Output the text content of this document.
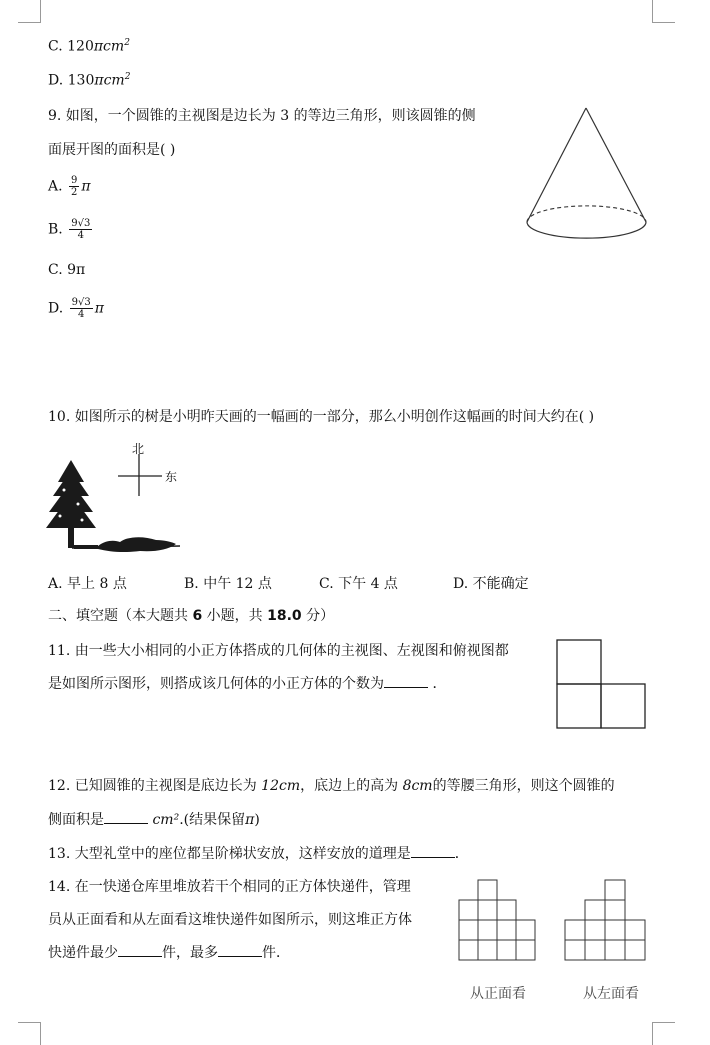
C. 120πcm$^2$
D. 130πcm$^2$
9. 如图，一个圆锥的主视图是边长为 3 的等边三角形，则该圆锥的侧
面展开图的面积是( )
A. $\frac{9}{2}$ π
B. $\frac{9√3}{4}$
C. 9π
D. $\frac{9√3}{4}$ π
10. 如图所示的树是小明昨天画的一幅画的一部分，那么小明创作这幅画的时间大约在( )
北
东
A. 早上 8 点	B. 中午 12 点	C. 下午 4 点	D. 不能确定
二、填空题（本大题共 6 小题，共 18.0 分）
11. 由一些大小相同的小正方体搭成的几何体的主视图、左视图和俯视图都
是如图所示图形，则搭成该几何体的小正方体的个数为	．
12. 已知圆锥的主视图是底边长为 12cm，底边上的高为 8cm的等腰三角形，则这个圆锥的
侧面积是	cm².(结果保留π)
13. 大型礼堂中的座位都呈阶梯状安放，这样安放的道理是	．
14. 在一快递仓库里堆放若干个相同的正方体快递件，管理
员从正面看和从左面看这堆快递件如图所示，则这堆正方体
快递件最少	件，最多	件．
从正面看	从左面看
